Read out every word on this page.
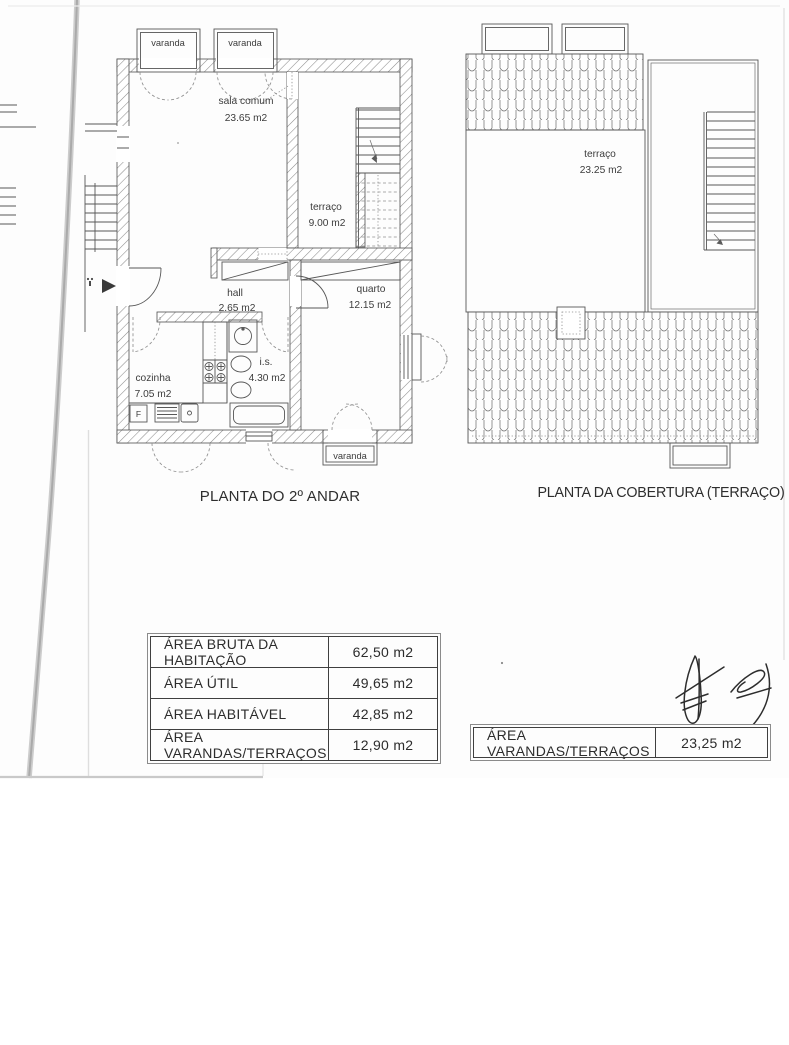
varanda	varanda
sala comum
23.65 m2
terraço
9.00 m2
hall
2.65 m2
quarto
12.15 m2
cozinha
7.05 m2
i.s.
4.30 m2
varanda
F
PLANTA DO 2º ANDAR
terraço
23.25 m2
PLANTA DA COBERTURA (TERRAÇO)
ÁREA BRUTA DA HABITAÇÃO	62,50 m2
ÁREA ÚTIL	49,65 m2
ÁREA HABITÁVEL	42,85 m2
ÁREA VARANDAS/TERRAÇOS	12,90 m2
ÁREA VARANDAS/TERRAÇOS	23,25 m2
